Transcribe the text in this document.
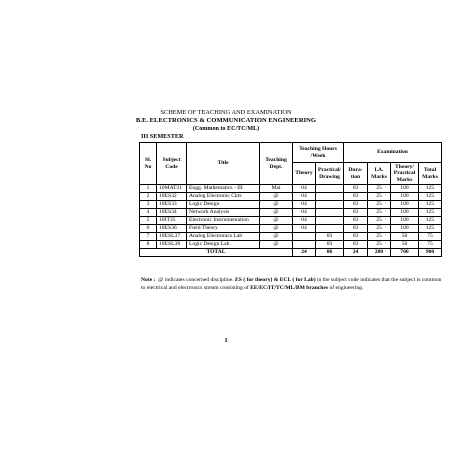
SCHEME OF TEACHING AND EXAMINATION
B.E. ELECTRONICS & COMMUNICATION ENGINEERING
(Common to EC/TC/ML)
III SEMESTER
Sl. No	Subject Code	Title	Teaching Dept.	Teaching Hours /Week		Examination			
				Theory	Practical/ Drawing	Dura-tion	I.A. Marks	Theory/ Practical Marks	Total Marks
1	10MAT31	Engg. Mathematics - III	Mat	04		03	25	100	125
2	10ES32	Analog Electronic Ckts	@	04		03	25	100	125
3	10ES33	Logic Design	@	04		03	25	100	125
4	10ES34	Network Analysis	@	04		03	25	100	125
5	10IT35	Electronic Instrumentation	@	04		03	25	100	125
6	10ES36	Field Theory	@	04		03	25	100	125
7	10ESL37	Analog Electronics Lab	@		03	03	25	50	75
8	10ESL38	Logic Design Lab	@		03	03	25	50	75
TOTAL				24	06	24	200	700	900
Note : @ indicates concerned discipline. ES ( for theory) & ECL ( for Lab) in the subject code indicates that the subject is common to electrical and electronics stream consisting of EE/EC/IT/TC/ML/BM branches of engineering.
1
